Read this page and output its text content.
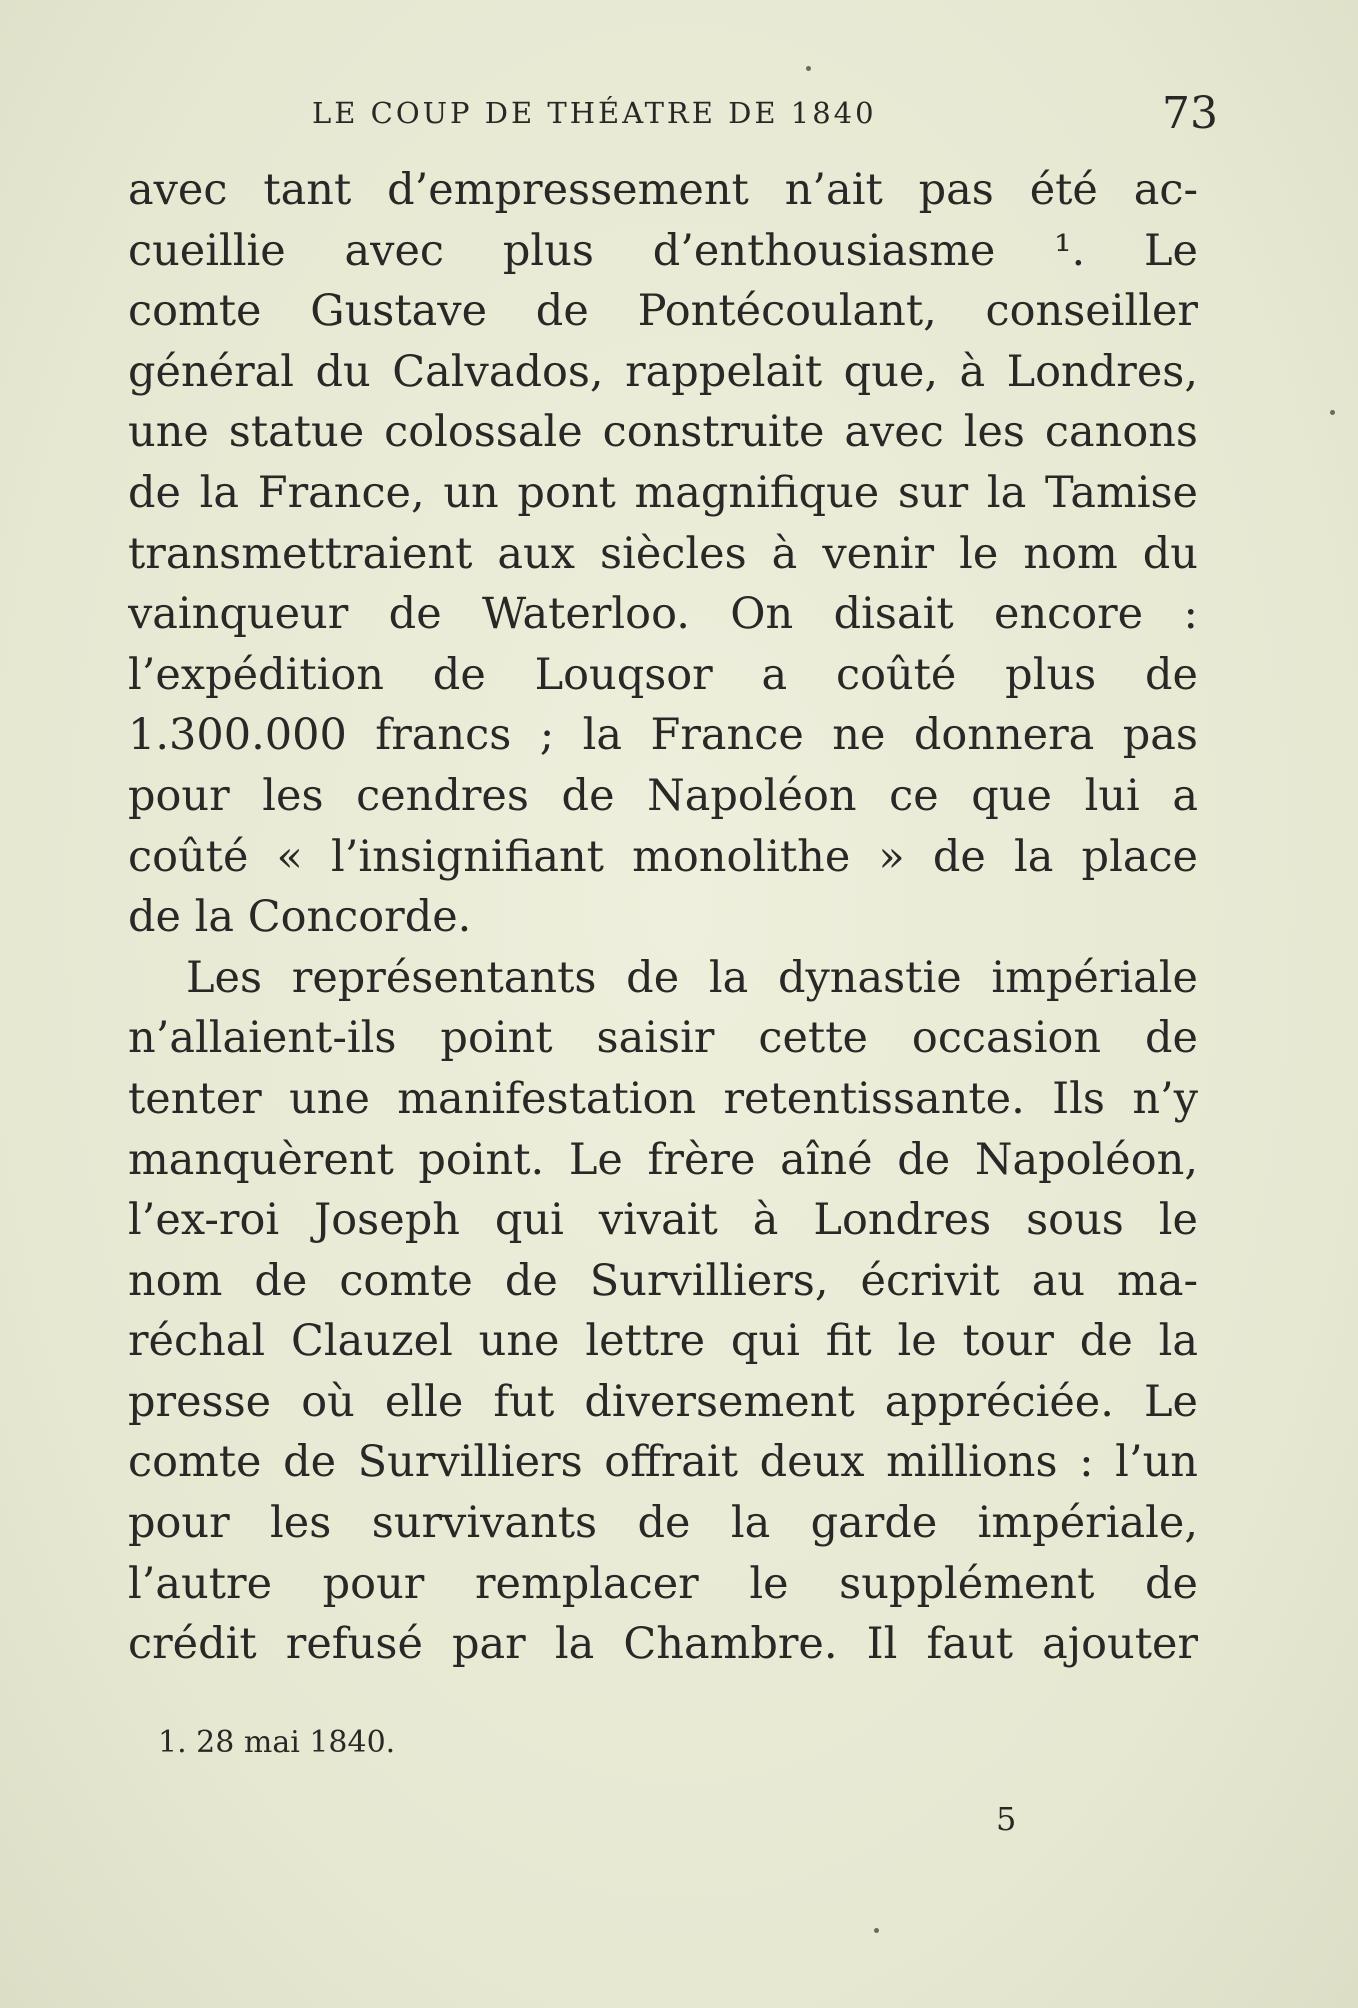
LE COUP DE THÉATRE DE 1840	73
avec tant d’empressement n’ait pas été ac-
cueillie avec plus d’enthousiasme ¹. Le
comte Gustave de Pontécoulant, conseiller
général du Calvados, rappelait que, à Londres,
une statue colossale construite avec les canons
de la France, un pont magnifique sur la Tamise
transmettraient aux siècles à venir le nom du
vainqueur de Waterloo. On disait encore :
l’expédition de Louqsor a coûté plus de
1.300.000 francs ; la France ne donnera pas
pour les cendres de Napoléon ce que lui a
coûté « l’insignifiant monolithe » de la place
de la Concorde.
Les représentants de la dynastie impériale
n’allaient-ils point saisir cette occasion de
tenter une manifestation retentissante. Ils n’y
manquèrent point. Le frère aîné de Napoléon,
l’ex-roi Joseph qui vivait à Londres sous le
nom de comte de Survilliers, écrivit au ma-
réchal Clauzel une lettre qui fit le tour de la
presse où elle fut diversement appréciée. Le
comte de Survilliers offrait deux millions : l’un
pour les survivants de la garde impériale,
l’autre pour remplacer le supplément de
crédit refusé par la Chambre. Il faut ajouter
1. 28 mai 1840.
5
